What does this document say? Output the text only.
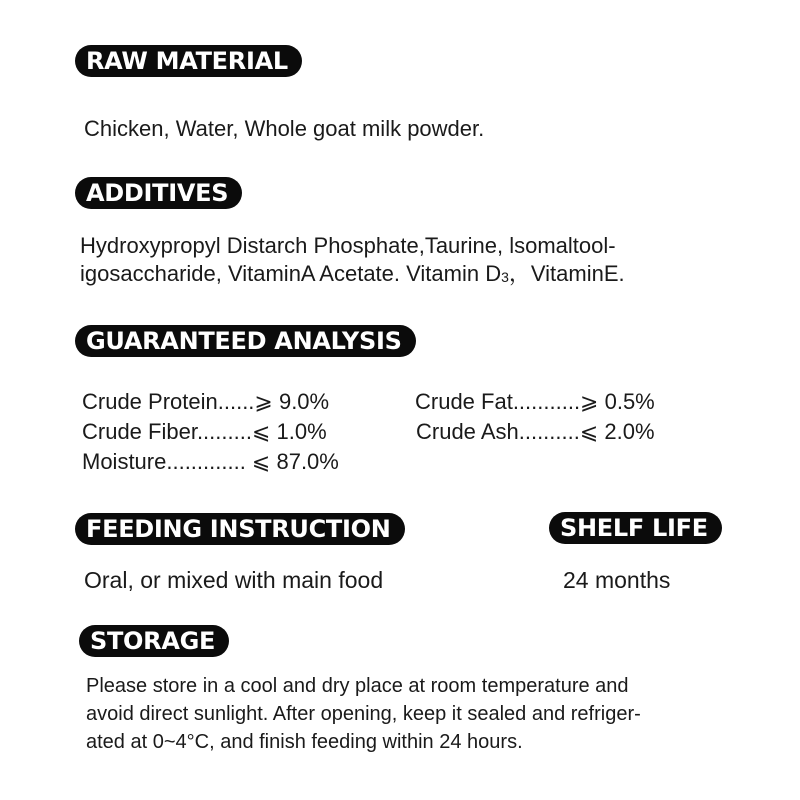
RAW MATERIAL
Chicken, Water, Whole goat milk powder.
ADDITIVES
Hydroxypropyl Distarch Phosphate,Taurine, lsomaltool-
igosaccharide, VitaminA Acetate. Vitamin $D_3$，VitaminE.
GUARANTEED ANALYSIS
Crude Protein......⩾ 9.0%	Crude Fat...........⩾ 0.5%
Crude Fiber.........⩽ 1.0%	Crude Ash..........⩽ 2.0%
Moisture............. ⩽ 87.0%
FEEDING INSTRUCTION
Oral, or mixed with main food
SHELF LIFE
24 months
STORAGE
Please store in a cool and dry place at room temperature and
avoid direct sunlight. After opening, keep it sealed and refriger-
ated at 0~4°C, and finish feeding within 24 hours.
